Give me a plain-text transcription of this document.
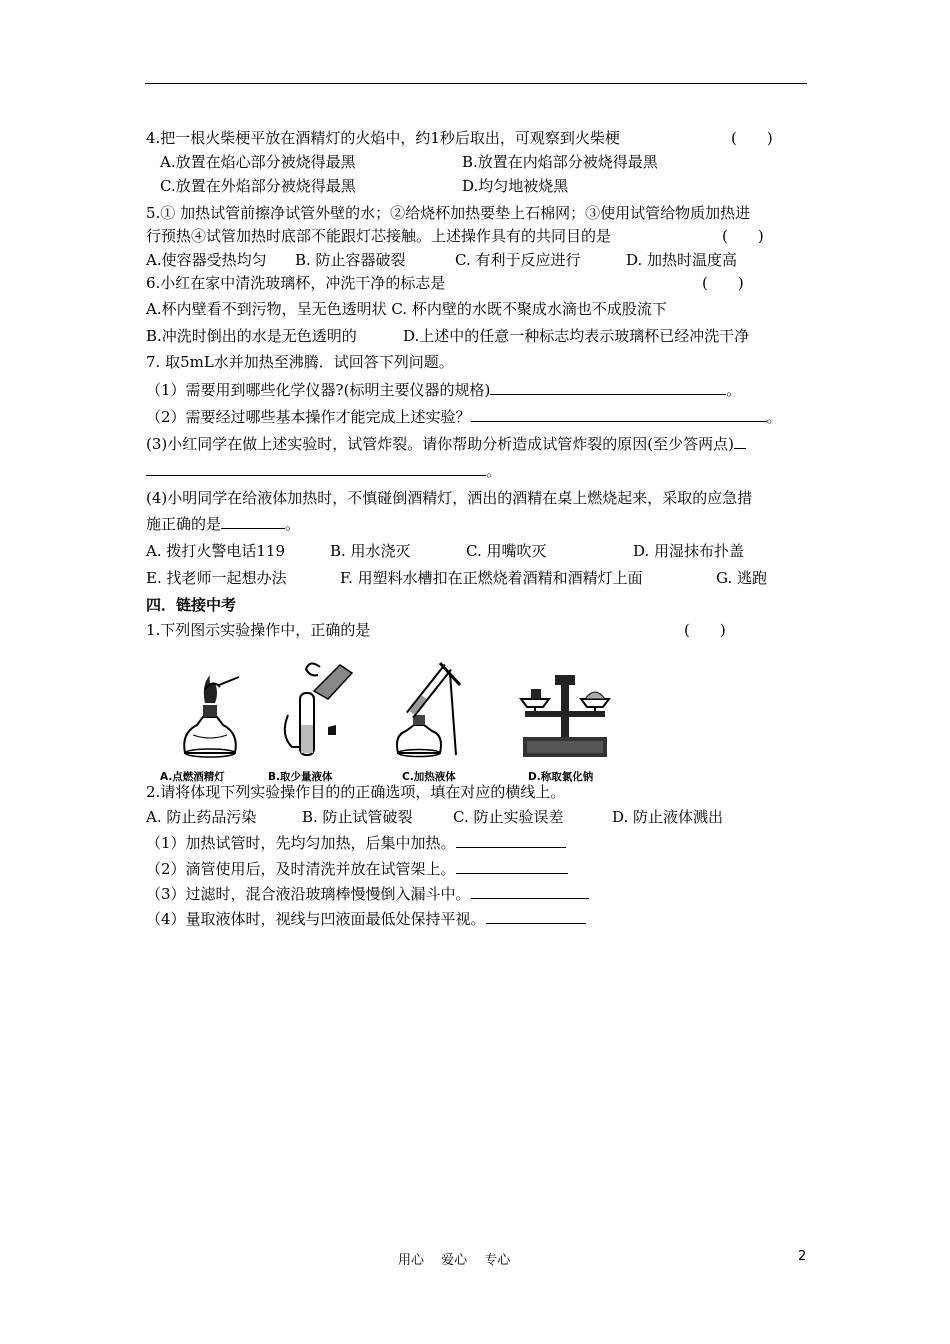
4.把一根火柴梗平放在酒精灯的火焰中，约1秒后取出，可观察到火柴梗	(　　)
A.放置在焰心部分被烧得最黑	B.放置在内焰部分被烧得最黑
C.放置在外焰部分被烧得最黑	D.均匀地被烧黑
5.① 加热试管前擦净试管外壁的水；②给烧杯加热要垫上石棉网；③使用试管给物质加热进
行预热④试管加热时底部不能跟灯芯接触。上述操作具有的共同目的是	(　　)
A.使容器受热均匀 B. 防止容器破裂	C. 有利于反应进行	D. 加热时温度高
6.小红在家中清洗玻璃杯，冲洗干净的标志是	(　　)
A.杯内壁看不到污物，呈无色透明状 C. 杯内壁的水既不聚成水滴也不成股流下
B.冲洗时倒出的水是无色透明的	D.上述中的任意一种标志均表示玻璃杯已经冲洗干净
7. 取5mL水并加热至沸腾．试回答下列问题。
（1）需要用到哪些化学仪器?(标明主要仪器的规格)	。
（2）需要经过哪些基本操作才能完成上述实验？	。
(3)小红同学在做上述实验时，试管炸裂。请你帮助分析造成试管炸裂的原因(至少答两点)
。
(4)小明同学在给液体加热时，不慎碰倒酒精灯，洒出的酒精在桌上燃烧起来，采取的应急措
施正确的是	。
A. 拨打火警电话119	B. 用水浇灭	C. 用嘴吹灭	D. 用湿抹布扑盖
E. 找老师一起想办法	F. 用塑料水槽扣在正燃烧着酒精和酒精灯上面	G. 逃跑
四．链接中考
1.下列图示实验操作中，正确的是	(　　)
A.点燃酒精灯	B.取少量液体	C.加热液体	D.称取氯化钠
2.请将体现下列实验操作目的的正确选项，填在对应的横线上。
A. 防止药品污染	B. 防止试管破裂	C. 防止实验误差	D. 防止液体溅出
（1）加热试管时，先均匀加热，后集中加热。
（2）滴管使用后，及时清洗并放在试管架上。
（3）过滤时，混合液沿玻璃棒慢慢倒入漏斗中。
（4）量取液体时，视线与凹液面最低处保持平视。
用心　 爱心　 专心	2
